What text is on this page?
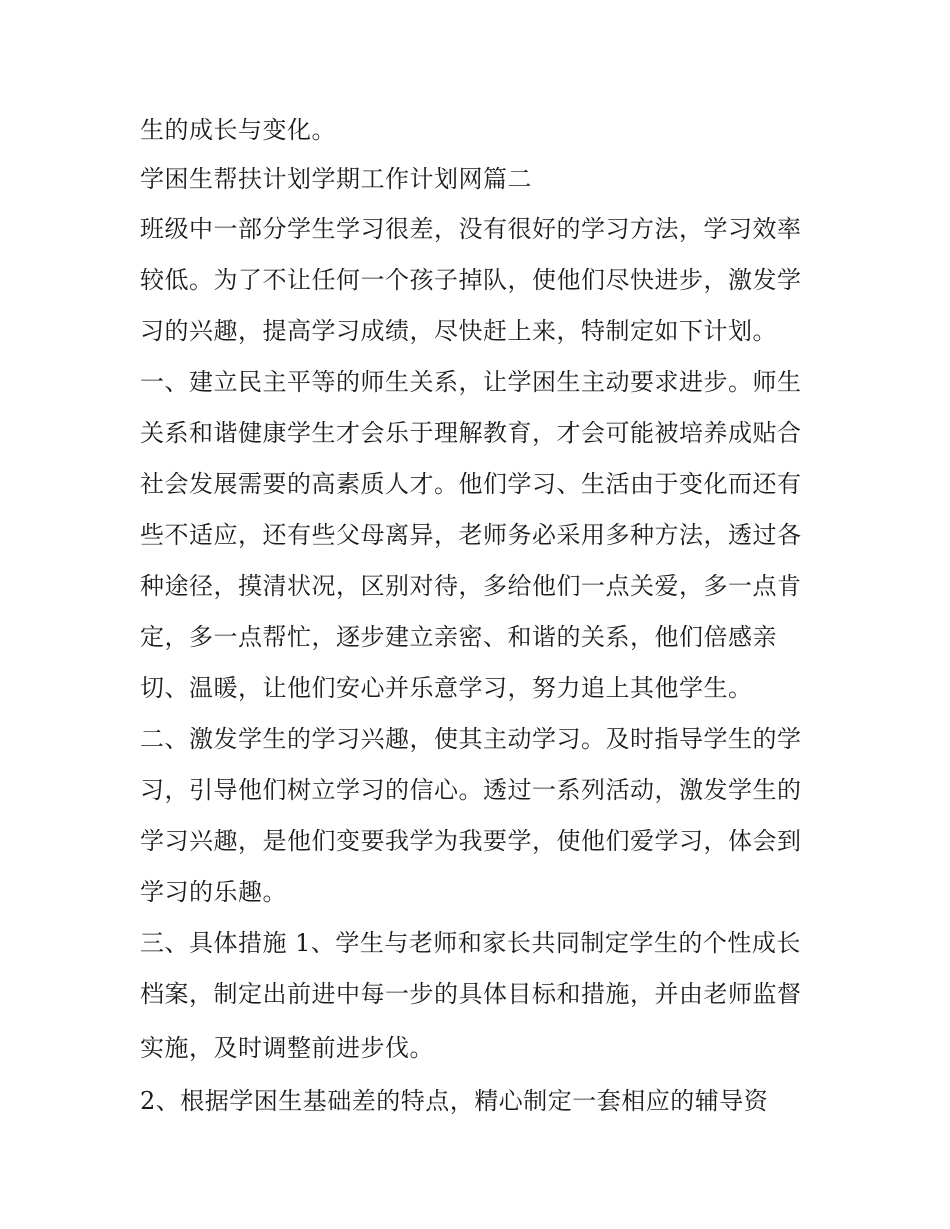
生的成长与变化。
学困生帮扶计划学期工作计划网篇二
班级中一部分学生学习很差，没有很好的学习方法，学习效率
较低。为了不让任何一个孩子掉队，使他们尽快进步，激发学
习的兴趣，提高学习成绩，尽快赶上来，特制定如下计划。
一、建立民主平等的师生关系，让学困生主动要求进步。师生
关系和谐健康学生才会乐于理解教育，才会可能被培养成贴合
社会发展需要的高素质人才。他们学习、生活由于变化而还有
些不适应，还有些父母离异，老师务必采用多种方法，透过各
种途径，摸清状况，区别对待，多给他们一点关爱，多一点肯
定，多一点帮忙，逐步建立亲密、和谐的关系，他们倍感亲
切、温暖，让他们安心并乐意学习，努力追上其他学生。
二、激发学生的学习兴趣，使其主动学习。及时指导学生的学
习，引导他们树立学习的信心。透过一系列活动，激发学生的
学习兴趣，是他们变要我学为我要学，使他们爱学习，体会到
学习的乐趣。
三、具体措施 1、学生与老师和家长共同制定学生的个性成长
档案，制定出前进中每一步的具体目标和措施，并由老师监督
实施，及时调整前进步伐。
2、根据学困生基础差的特点，精心制定一套相应的辅导资
